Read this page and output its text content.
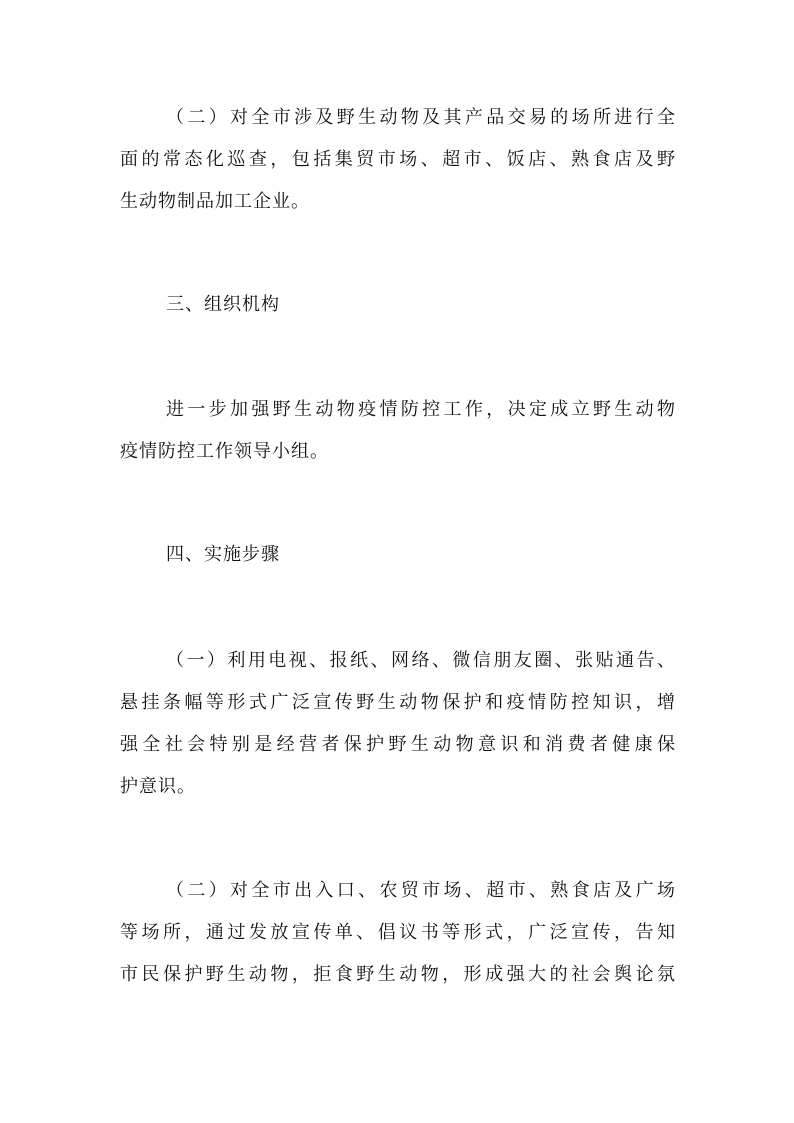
（二）对全市涉及野生动物及其产品交易的场所进行全
面的常态化巡查，包括集贸市场、超市、饭店、熟食店及野
生动物制品加工企业。
三、组织机构
进一步加强野生动物疫情防控工作，决定成立野生动物
疫情防控工作领导小组。
四、实施步骤
（一）利用电视、报纸、网络、微信朋友圈、张贴通告、
悬挂条幅等形式广泛宣传野生动物保护和疫情防控知识，增
强全社会特别是经营者保护野生动物意识和消费者健康保
护意识。
（二）对全市出入口、农贸市场、超市、熟食店及广场
等场所，通过发放宣传单、倡议书等形式，广泛宣传，告知
市民保护野生动物，拒食野生动物，形成强大的社会舆论氛
